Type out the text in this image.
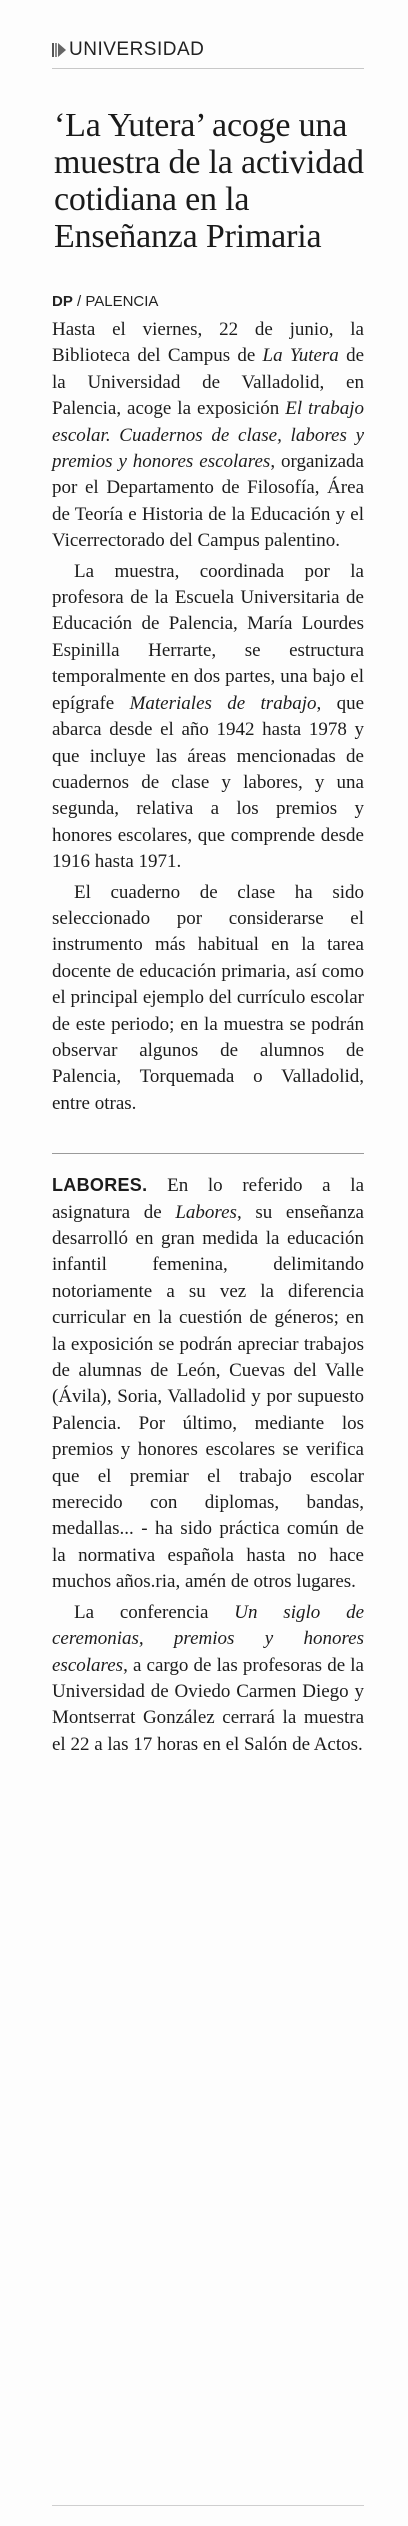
UNIVERSIDAD
‘La Yutera’ acoge una muestra de la actividad cotidiana en la Enseñanza Primaria
DP / PALENCIA

Hasta el viernes, 22 de junio, la Biblioteca del Campus de La Yutera de la Universidad de Valladolid, en Palencia, acoge la exposición El trabajo escolar. Cuadernos de clase, labores y premios y honores escolares, organizada por el Departamento de Filosofía, Área de Teoría e Historia de la Educación y el Vicerrectorado del Campus palentino.

La muestra, coordinada por la profesora de la Escuela Universitaria de Educación de Palencia, María Lourdes Espinilla Herrarte, se estructura temporalmente en dos partes, una bajo el epígrafe Materiales de trabajo, que abarca desde el año 1942 hasta 1978 y que incluye las áreas mencionadas de cuadernos de clase y labores, y una segunda, relativa a los premios y honores escolares, que comprende desde 1916 hasta 1971.

El cuaderno de clase ha sido seleccionado por considerarse el instrumento más habitual en la tarea docente de educación primaria, así como el principal ejemplo del currículo escolar de este periodo; en la muestra se podrán observar algunos de alumnos de Palencia, Torquemada o Valladolid, entre otras.

LABORES. En lo referido a la asignatura de Labores, su enseñanza desarrolló en gran medida la educación infantil femenina, delimitando notoriamente a su vez la diferencia curricular en la cuestión de géneros; en la exposición se podrán apreciar trabajos de alumnas de León, Cuevas del Valle (Ávila), Soria, Valladolid y por supuesto Palencia. Por último, mediante los premios y honores escolares se verifica que el premiar el trabajo escolar merecido con diplomas, bandas, medallas... - ha sido práctica común de la normativa española hasta no hace muchos años.ria, amén de otros lugares.

La conferencia Un siglo de ceremonias, premios y honores escolares, a cargo de las profesoras de la Universidad de Oviedo Carmen Diego y Montserrat González cerrará la muestra el 22 a las 17 horas en el Salón de Actos.
